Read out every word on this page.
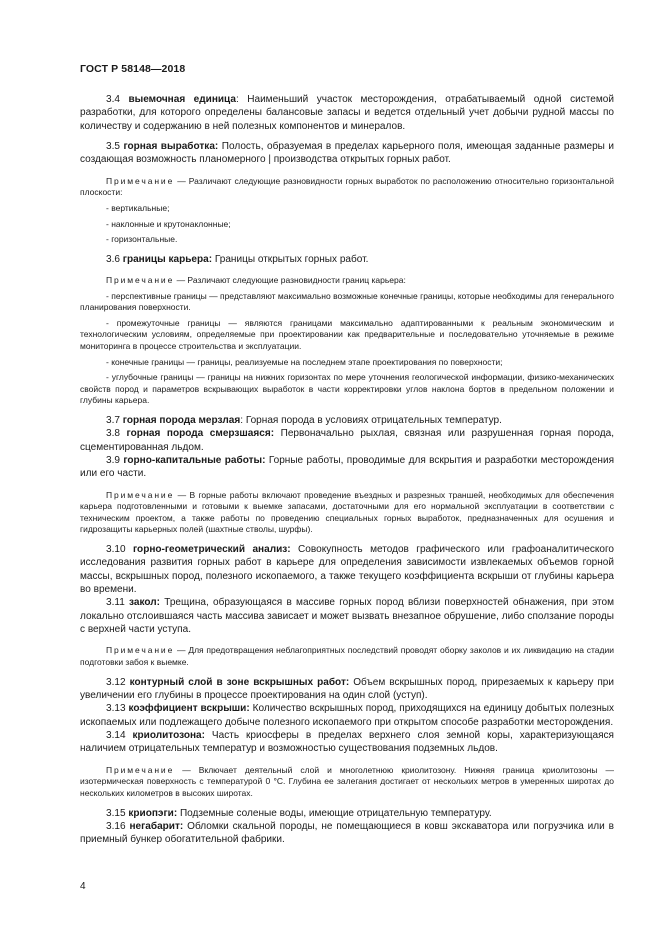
ГОСТ Р 58148—2018

3.4 выемочная единица: Наименьший участок месторождения, отрабатываемый одной системой разработки, для которого определены балансовые запасы и ведется отдельный учет добычи рудной массы по количеству и содержанию в ней полезных компонентов и минералов.

3.5 горная выработка: Полость, образуемая в пределах карьерного поля, имеющая заданные размеры и создающая возможность планомерного | производства открытых горных работ.

Примечание — Различают следующие разновидности горных выработок по расположению относительно горизонтальной плоскости:

- вертикальные;

- наклонные и крутонаклонные;

- горизонтальные.

3.6 границы карьера: Границы открытых горных работ.

Примечание — Различают следующие разновидности границ карьера:

- перспективные границы — представляют максимально возможные конечные границы, которые необходимы для генерального планирования поверхности.

- промежуточные границы — являются границами максимально адаптированными к реальным экономическим и технологическим условиям, определяемые при проектировании как предварительные и последовательно уточняемые в режиме мониторинга в процессе строительства и эксплуатации.

- конечные границы — границы, реализуемые на последнем этапе проектирования по поверхности;

- углубочные границы — границы на нижних горизонтах по мере уточнения геологической информации, физико-механических свойств пород и параметров вскрывающих выработок в части корректировки углов наклона бортов в предельном положении и глубины карьера.

3.7 горная порода мерзлая: Горная порода в условиях отрицательных температур.

3.8 горная порода смерзшаяся: Первоначально рыхлая, связная или разрушенная горная порода, сцементированная льдом.

3.9 горно-капитальные работы: Горные работы, проводимые для вскрытия и разработки месторождения или его части.

Примечание — В горные работы включают проведение въездных и разрезных траншей, необходимых для обеспечения карьера подготовленными и готовыми к выемке запасами, достаточными для его нормальной эксплуатации в соответствии с техническим проектом, а также работы по проведению специальных горных выработок, предназначенных для осушения и гидрозащиты карьерных полей (шахтные стволы, шурфы).

3.10 горно-геометрический анализ: Совокупность методов графического или графоаналитического исследования развития горных работ в карьере для определения зависимости извлекаемых объемов горной массы, вскрышных пород, полезного ископаемого, а также текущего коэффициента вскрыши от глубины карьера во времени.

3.11 закол: Трещина, образующаяся в массиве горных пород вблизи поверхностей обнажения, при этом локально отслоившаяся часть массива зависает и может вызвать внезапное обрушение, либо сползание породы с верхней части уступа.

Примечание — Для предотвращения неблагоприятных последствий проводят оборку заколов и их ликвидацию на стадии подготовки забоя к выемке.

3.12 контурный слой в зоне вскрышных работ: Объем вскрышных пород, прирезаемых к карьеру при увеличении его глубины в процессе проектирования на один слой (уступ).

3.13 коэффициент вскрыши: Количество вскрышных пород, приходящихся на единицу добытых полезных ископаемых или подлежащего добыче полезного ископаемого при открытом способе разработки месторождения.

3.14 криолитозона: Часть криосферы в пределах верхнего слоя земной коры, характеризующаяся наличием отрицательных температур и возможностью существования подземных льдов.

Примечание — Включает деятельный слой и многолетнюю криолитозону. Нижняя граница криолитозоны — изотермическая поверхность с температурой 0 °C. Глубина ее залегания достигает от нескольких метров в умеренных широтах до нескольких километров в высоких широтах.

3.15 криопэги: Подземные соленые воды, имеющие отрицательную температуру.

3.16 негабарит: Обломки скальной породы, не помещающиеся в ковш экскаватора или погрузчика или в приемный бункер обогатительной фабрики.

4
